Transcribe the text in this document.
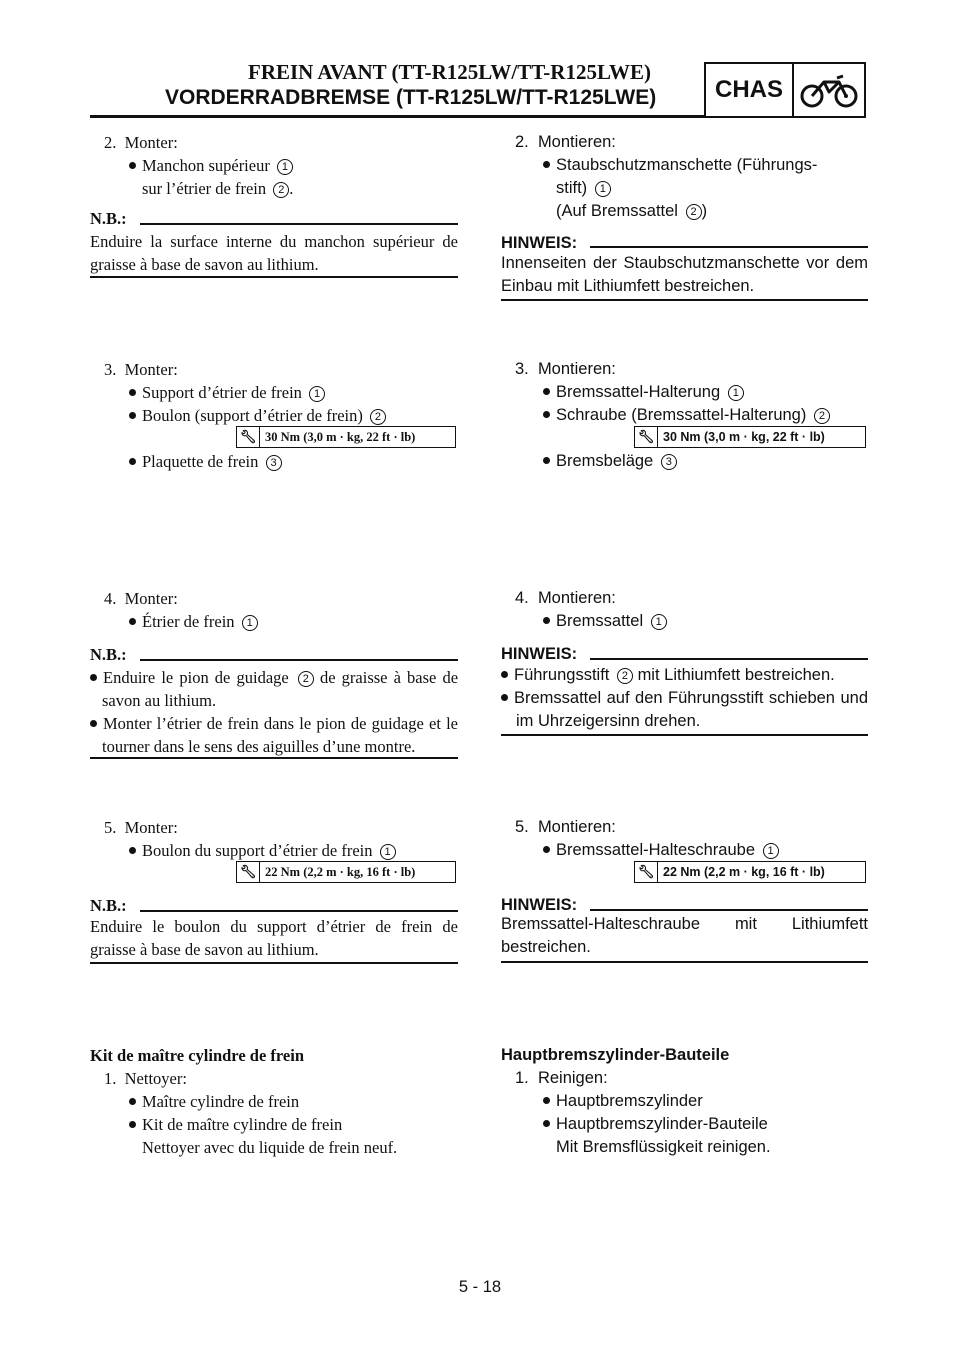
FREIN AVANT (TT-R125LW/TT-R125LWE)
VORDERRADBREMSE (TT-R125LW/TT-R125LWE)	CHAS
2. Monter:
Manchon supérieur 1
sur l’étrier de frein 2 .
N.B.:
Enduire la surface interne du manchon supérieur de graisse à base de savon au lithium.
3. Monter:
Support d’étrier de frein 1
Boulon (support d’étrier de frein) 2
🔧︎ 30 Nm (3,0 m · kg, 22 ft · lb)
Plaquette de frein 3
4. Monter:
Étrier de frein 1
N.B.:
Enduire le pion de guidage 2 de graisse à base de savon au lithium.
Monter l’étrier de frein dans le pion de guidage et le tourner dans le sens des aiguilles d’une montre.
5. Monter:
Boulon du support d’étrier de frein 1
🔧︎ 22 Nm (2,2 m · kg, 16 ft · lb)
N.B.:
Enduire le boulon du support d’étrier de frein de graisse à base de savon au lithium.
Kit de maître cylindre de frein
1. Nettoyer:
Maître cylindre de frein
Kit de maître cylindre de frein
Nettoyer avec du liquide de frein neuf.
2. Montieren:
Staubschutzmanschette (Führungs-
stift) 1
(Auf Bremssattel 2 )
HINWEIS:
Innenseiten der Staubschutzmanschette vor dem Einbau mit Lithiumfett bestreichen.
3. Montieren:
Bremssattel-Halterung 1
Schraube (Bremssattel-Halterung) 2
🔧︎ 30 Nm (3,0 m · kg, 22 ft · lb)
Bremsbeläge 3
4. Montieren:
Bremssattel 1
HINWEIS:
Führungsstift 2 mit Lithiumfett bestreichen.
Bremssattel auf den Führungsstift schieben und im Uhrzeigersinn drehen.
5. Montieren:
Bremssattel-Halteschraube 1
🔧︎ 22 Nm (2,2 m · kg, 16 ft · lb)
HINWEIS:
Bremssattel-Halteschraube mit Lithiumfett bestreichen.
Hauptbremszylinder-Bauteile
1. Reinigen:
Hauptbremszylinder
Hauptbremszylinder-Bauteile
Mit Bremsflüssigkeit reinigen.
5 - 18
